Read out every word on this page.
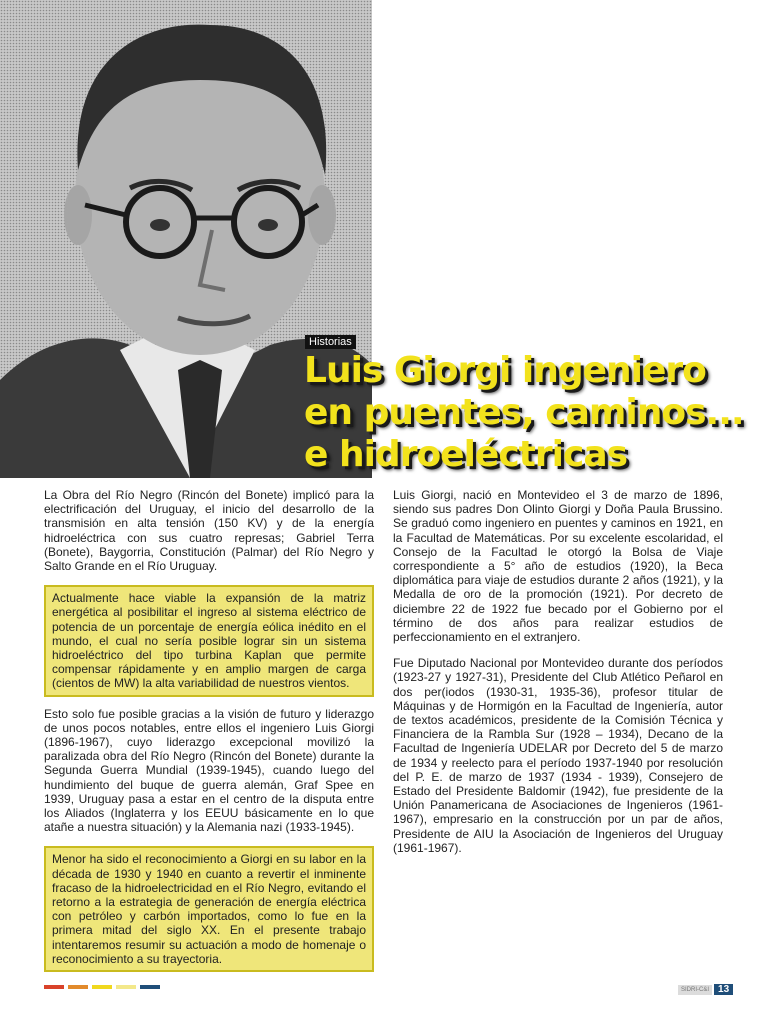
Historias
Luis Giorgi ingeniero
en puentes, caminos...
e hidroeléctricas

La Obra del Río Negro (Rincón del Bonete) implicó para la electrificación del Uruguay, el inicio del desarrollo de la transmisión en alta tensión (150 KV) y de la energía hidroeléctrica con sus cuatro represas; Gabriel Terra (Bonete), Baygorria, Constitución (Palmar) del Río Negro y Salto Grande en el Río Uruguay.

Actualmente hace viable la expansión de la matriz energética al posibilitar el ingreso al sistema eléctrico de potencia de un porcentaje de energía eólica inédito en el mundo, el cual no sería posible lograr sin un sistema hidroeléctrico del tipo turbina Kaplan que permite compensar rápidamente y en amplio margen de carga (cientos de MW) la alta variabilidad de nuestros vientos.

Esto solo fue posible gracias a la visión de futuro y liderazgo de unos pocos notables, entre ellos el ingeniero Luis Giorgi (1896-1967), cuyo liderazgo excepcional movilizó la paralizada obra del Río Negro (Rincón del Bonete) durante la Segunda Guerra Mundial (1939-1945), cuando luego del hundimiento del buque de guerra alemán, Graf Spee en 1939, Uruguay pasa a estar en el centro de la disputa entre los Aliados (Inglaterra y los EEUU básicamente en lo que atañe a nuestra situación) y la Alemania nazi (1933-1945).

Menor ha sido el reconocimiento a Giorgi en su labor en la década de 1930 y 1940 en cuanto a revertir el inminente fracaso de la hidroelectricidad en el Río Negro, evitando el retorno a la estrategia de generación de energía eléctrica con petróleo y carbón importados, como lo fue en la primera mitad del siglo XX. En el presente trabajo intentaremos resumir su actuación a modo de homenaje o reconocimiento a su trayectoria.

Luis Giorgi, nació en Montevideo el 3 de marzo de 1896, siendo sus padres Don Olinto Giorgi y Doña Paula Brussino. Se graduó como ingeniero en puentes y caminos en 1921, en la Facultad de Matemáticas. Por su excelente escolaridad, el Consejo de la Facultad le otorgó la Bolsa de Viaje correspondiente a 5° año de estudios (1920), la Beca diplomática para viaje de estudios durante 2 años (1921), y la Medalla de oro de la promoción (1921). Por decreto de diciembre 22 de 1922 fue becado por el Gobierno por el término de dos años para realizar estudios de perfeccionamiento en el extranjero.

Fue Diputado Nacional por Montevideo durante dos períodos (1923-27 y 1927-31), Presidente del Club Atlético Peñarol en dos per(iodos (1930-31, 1935-36), profesor titular de Máquinas y de Hormigón en la Facultad de Ingeniería, autor de textos académicos, presidente de la Comisión Técnica y Financiera de la Rambla Sur (1928 – 1934), Decano de la Facultad de Ingeniería UDELAR por Decreto del 5 de marzo de 1934 y reelecto para el período 1937-1940 por resolución del P. E. de marzo de 1937 (1934 - 1939), Consejero de Estado del Presidente Baldomir (1942), fue presidente de la Unión Panamericana de Asociaciones de Ingenieros (1961-1967), empresario en la construcción por un par de años, Presidente de AIU la Asociación de Ingenieros del Uruguay (1961-1967).

SIDRI-C&I 13
